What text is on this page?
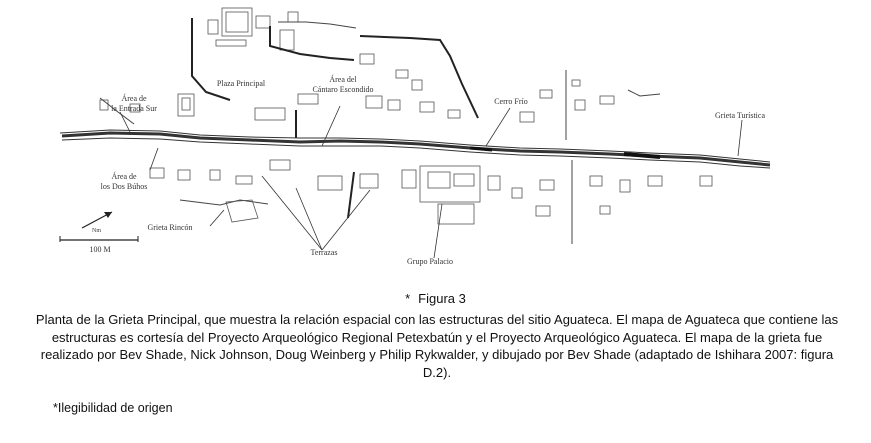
Área de
la Entrada Sur
Plaza Principal	Área del
Cántaro Escondido
Cerro Frío
Grieta Turística
Área de
los Dos Búhos
Grieta Rincón
Terrazas
Grupo Palacio
Nm
100 M
* Figura 3
Planta de la Grieta Principal, que muestra la relación espacial con las estructuras del sitio Aguateca. El mapa de Aguateca que contiene las estructuras es cortesía del Proyecto Arqueológico Regional Petexbatún y el Proyecto Arqueológico Aguateca. El mapa de la grieta fue realizado por Bev Shade, Nick Johnson, Doug Weinberg y Philip Rykwalder, y dibujado por Bev Shade (adaptado de Ishihara 2007: figura D.2).
*Ilegibilidad de origen
